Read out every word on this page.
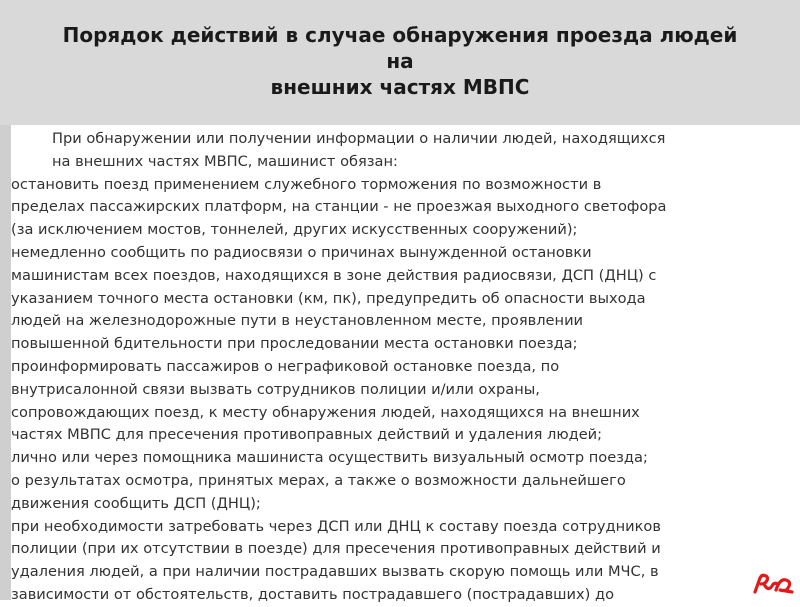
Порядок действий в случае обнаружения проезда людей
на
внешних частях МВПС
При обнаружении или получении информации о наличии людей, находящихся
на внешних частях МВПС, машинист обязан:
остановить поезд применением служебного торможения по возможности в
пределах пассажирских платформ, на станции - не проезжая выходного светофора
(за исключением мостов, тоннелей, других искусственных сооружений);
немедленно сообщить по радиосвязи о причинах вынужденной остановки
машинистам всех поездов, находящихся в зоне действия радиосвязи, ДСП (ДНЦ) с
указанием точного места остановки (км, пк), предупредить об опасности выхода
людей на железнодорожные пути в неустановленном месте, проявлении
повышенной бдительности при проследовании места остановки поезда;
проинформировать пассажиров о неграфиковой остановке поезда, по
внутрисалонной связи вызвать сотрудников полиции и/или охраны,
сопровождающих поезд, к месту обнаружения людей, находящихся на внешних
частях МВПС для пресечения противоправных действий и удаления людей;
лично или через помощника машиниста осуществить визуальный осмотр поезда;
о результатах осмотра, принятых мерах, а также о возможности дальнейшего
движения сообщить ДСП (ДНЦ);
при необходимости затребовать через ДСП или ДНЦ к составу поезда сотрудников
полиции (при их отсутствии в поезде) для пресечения противоправных действий и
удаления людей, а при наличии пострадавших вызвать скорую помощь или МЧС, в
зависимости от обстоятельств, доставить пострадавшего (пострадавших) до
